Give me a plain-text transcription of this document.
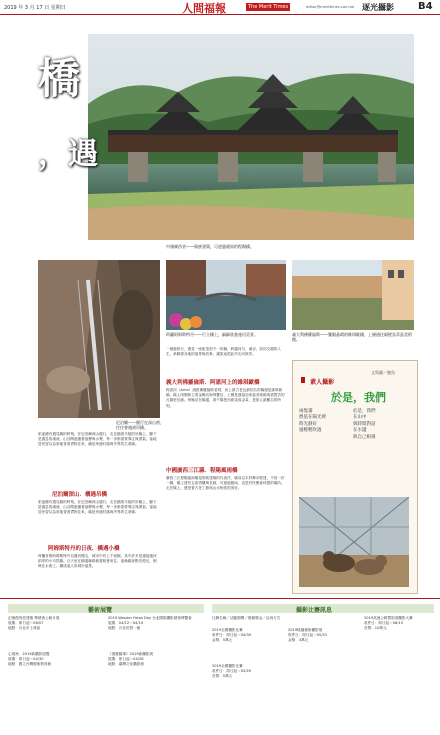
2019 年 3 月 17 日 星期日	人間福報	The Merit Times	editor@merittimes.com.tw 逐光攝影 B4
橋
，遇
中國廣西省——侗族建築，可遮風避雨的程陽橋。
尼泊爾——健行在深山裡，往往會遇到吊橋。
荷蘭阿姆斯特丹——行立橋上，細細欣賞運河美景。	義大利佛羅倫斯——雙眼晶晴的維琪歐橋，上層通往隔壁烏菲茲美術館。
一趟趟旅行，遇見一座座造型不一的橋，跨越河川、溪谷，如同交錯的人生，承載著各地的風景與故事，讓旅途從此岸走向彼岸。
義大利佛羅倫斯．阿諾河上的維琪歐橋
阿諾河（Arno）流經佛羅倫斯老城，河上最古老也最知名的橋便是維琪歐橋。橋上兩側林立著金飾店與珠寶店，上層是連接烏菲茲美術館與碧提宮的瓦薩里長廊。傍晚站在橋邊，看夕陽把河面染成金黃，是旅人最難忘的時刻。
中國廣西三江縣．程陽風雨橋
廣西三江程陽風雨橋是侗族建築的代表作，橋身以木材榫卯搭建，不用一釘一鉚，橋上建有五座塔樓與長廊，可遮風避雨，也是村民聚會休憩的場所。走在橋上，感受著古老工藝與山水相依的美好。
旅途總有遇見橋的時刻。在尼泊爾深山健行，走在鋪著木板的吊橋上，腳下是湍急的溪流，山谷間迴盪著風聲與水聲，每一步都需要專注與勇氣。當地居民習以為常地背著貨物往來，橋是串連村落與外界的生命線。
尼泊爾深山．構遇吊橋
旅途總有遇見橋的時刻。在尼泊爾深山健行，走在鋪著木板的吊橋上，腳下是湍急的溪流，山谷間迴盪著風聲與水聲，每一步都需要專注與勇氣。當地居民習以為常地背著貨物往來，橋是串連村落與外界的生命線。
阿姆斯特丹的日夜．橋遇小橋
荷蘭首都阿姆斯特丹以運河聞名，城市中有上千座橋，其中許多是連接運河兩岸的小巧拱橋。白天坐在橋邊咖啡館看船隻來往，夜晚橋身點亮燈光，倒映在水面上，構成迷人的城市風景。
素人攝影
文與圖／鮑魚
於是，我們
於是，我們
在山中
與時間對話
在水邊
與自己相遇
兩隻貓
偎依在陽光裡
時光靜好
風輕輕吹過
藝術展覽
記憶復刻老建築 華藝術公館月展
展期：即日起～06/07
地點：台北市士林區
2019 Wonder Fotos Day 台北國際攝影藝術博覽會
展期：04/12～04/14
地點：台北世貿一館
心視角：2019新攝影展覽
展期：即日起～04/30
地點：國立台灣藝術教育館
《視覺隨筆》2019新攝影展
展期：即日起～04/28
地點：臺灣文化攝影館
攝影比賽訊息
比賽名稱／活動期間／徵稿獎金／洽詢方式
2019全國攝影比賽
收件日：即日起～04/30
金獎：5萬元
2019桃園藝術攝影展
收件日：即日起～05/31
金獎：3萬元
2019高速公路暨旅遊攝影大賽
收件日：即日起～06/15
首獎：10萬元
2019全國攝影比賽
收件日：即日起～05/20
首獎：5萬元
